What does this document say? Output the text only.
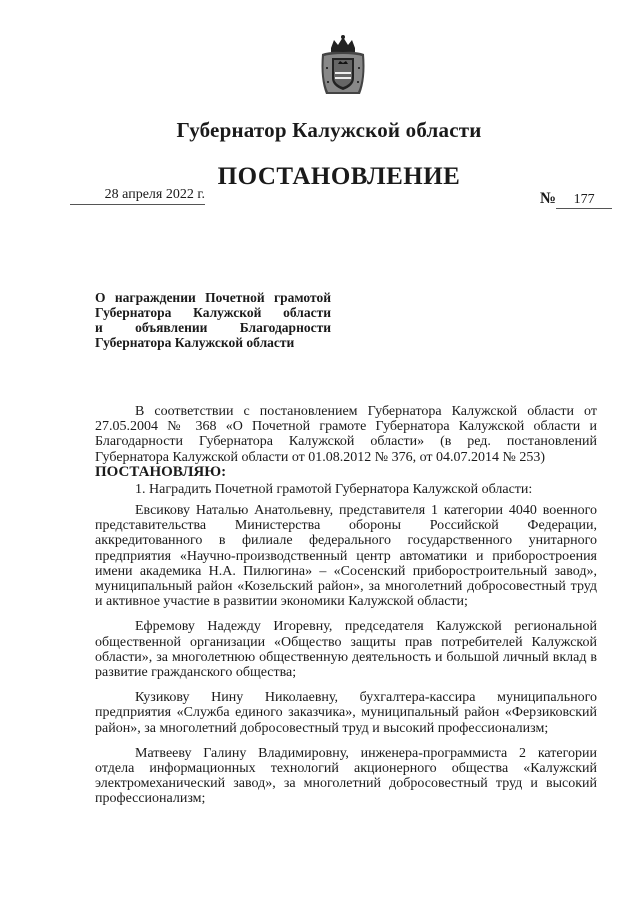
Губернатор Калужской области
ПОСТАНОВЛЕНИЕ
28 апреля 2022 г.	№ 177
О награждении Почетной грамотой
Губернатора Калужской области
и объявлении Благодарности
Губернатора Калужской области

В соответствии с постановлением Губернатора Калужской области от 27.05.2004 № 368 «О Почетной грамоте Губернатора Калужской области и Благодарности Губернатора Калужской области» (в ред. постановлений Губернатора Калужской области от 01.08.2012 № 376, от 04.07.2014 № 253)

ПОСТАНОВЛЯЮ:

1. Наградить Почетной грамотой Губернатора Калужской области:

Евсикову Наталью Анатольевну, представителя 1 категории 4040 военного представительства Министерства обороны Российской Федерации, аккредитованного в филиале федерального государственного унитарного предприятия «Научно-производственный центр автоматики и приборостроения имени академика Н.А. Пилюгина» – «Сосенский приборостроительный завод», муниципальный район «Козельский район», за многолетний добросовестный труд и активное участие в развитии экономики Калужской области;

Ефремову Надежду Игоревну, председателя Калужской региональной общественной организации «Общество защиты прав потребителей Калужской области», за многолетнюю общественную деятельность и большой личный вклад в развитие гражданского общества;

Кузикову Нину Николаевну, бухгалтера-кассира муниципального предприятия «Служба единого заказчика», муниципальный район «Ферзиковский район», за многолетний добросовестный труд и высокий профессионализм;

Матвееву Галину Владимировну, инженера-программиста 2 категории отдела информационных технологий акционерного общества «Калужский электромеханический завод», за многолетний добросовестный труд и высокий профессионализм;
